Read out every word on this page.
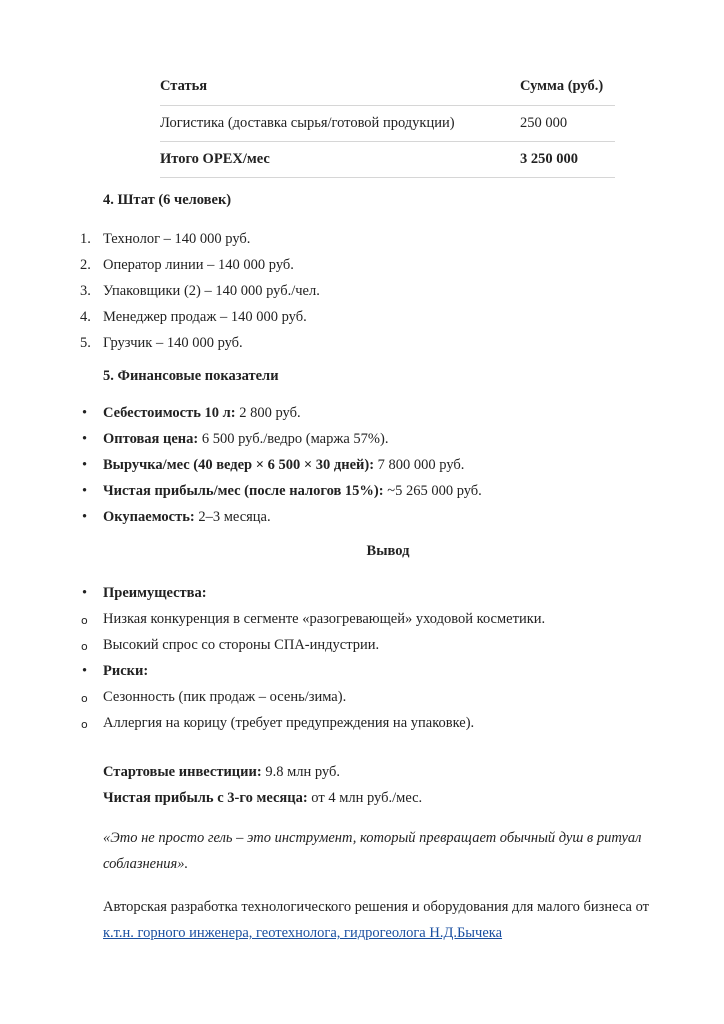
Статья	Сумма (руб.)
Логистика (доставка сырья/готовой продукции)	250 000
Итого OPEX/мес	3 250 000
4. Штат (6 человек)
1. Технолог – 140 000 руб.
2. Оператор линии – 140 000 руб.
3. Упаковщики (2) – 140 000 руб./чел.
4. Менеджер продаж – 140 000 руб.
5. Грузчик – 140 000 руб.
5. Финансовые показатели
• Себестоимость 10 л: 2 800 руб.
• Оптовая цена: 6 500 руб./ведро (маржа 57%).
• Выручка/мес (40 ведер × 6 500 × 30 дней): 7 800 000 руб.
• Чистая прибыль/мес (после налогов 15%): ~5 265 000 руб.
• Окупаемость: 2–3 месяца.
Вывод
• Преимущества:
o Низкая конкуренция в сегменте «разогревающей» уходовой косметики.
o Высокий спрос со стороны СПА-индустрии.
• Риски:
o Сезонность (пик продаж – осень/зима).
o Аллергия на корицу (требует предупреждения на упаковке).
Стартовые инвестиции: 9.8 млн руб.
Чистая прибыль с 3-го месяца: от 4 млн руб./мес.
«Это не просто гель – это инструмент, который превращает обычный душ в ритуал соблазнения».
Авторская разработка технологического решения и оборудования для малого бизнеса от к.т.н. горного инженера, геотехнолога, гидрогеолога Н.Д.Бычека
